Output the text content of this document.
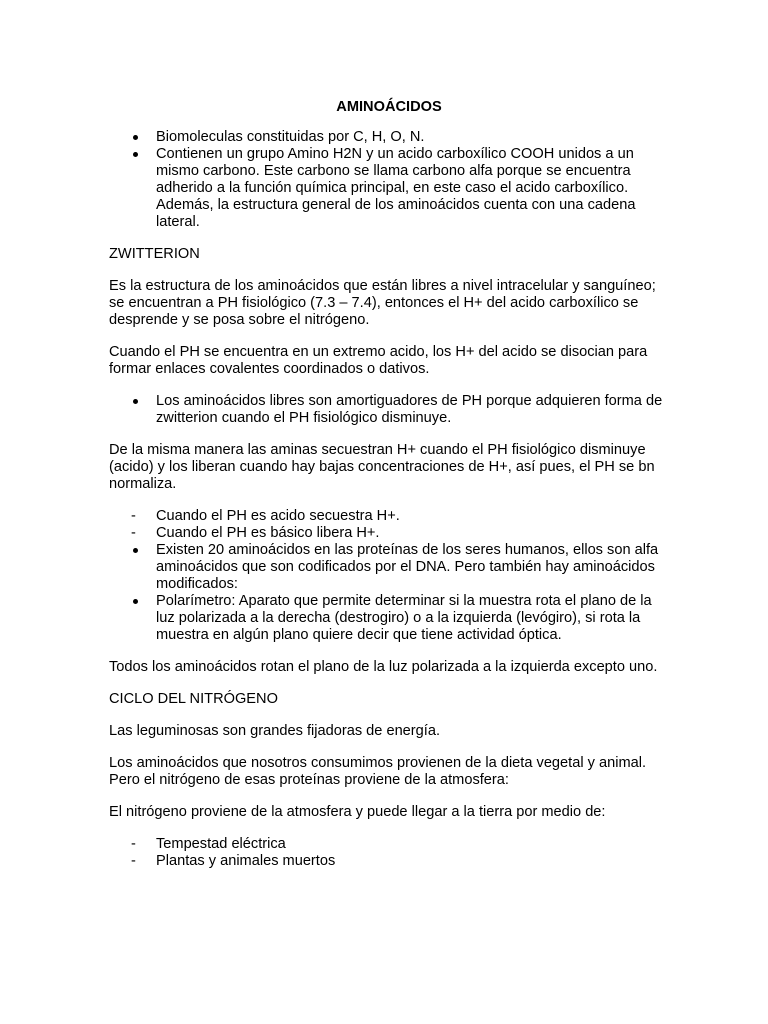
AMINOÁCIDOS
Biomoleculas constituidas por C, H, O, N.
Contienen un grupo Amino H2N y un acido carboxílico COOH unidos a un mismo carbono. Este carbono se llama carbono alfa porque se encuentra adherido a la función química principal, en este caso el acido carboxílico. Además, la estructura general de los aminoácidos cuenta con una cadena lateral.

ZWITTERION

Es la estructura de los aminoácidos que están libres a nivel intracelular y sanguíneo; se encuentran a PH fisiológico (7.3 – 7.4), entonces el H+ del acido carboxílico se desprende y se posa sobre el nitrógeno.

Cuando el PH se encuentra en un extremo acido, los H+ del acido se disocian para formar enlaces covalentes coordinados o dativos.

Los aminoácidos libres son amortiguadores de PH porque adquieren forma de zwitterion cuando el PH fisiológico disminuye.

De la misma manera las aminas secuestran H+ cuando el PH fisiológico disminuye (acido) y los liberan cuando hay bajas concentraciones de H+, así pues, el PH se bn normaliza.

-	Cuando el PH es acido secuestra H+.
-	Cuando el PH es básico libera H+.
Existen 20 aminoácidos en las proteínas de los seres humanos, ellos son alfa aminoácidos que son codificados por el DNA. Pero también hay aminoácidos modificados:
Polarímetro: Aparato que permite determinar si la muestra rota el plano de la luz polarizada a la derecha (destrogiro) o a la izquierda (levógiro), si rota la muestra en algún plano quiere decir que tiene actividad óptica.

Todos los aminoácidos rotan el plano de la luz polarizada a la izquierda excepto uno.

CICLO DEL NITRÓGENO

Las leguminosas son grandes fijadoras de energía.

Los aminoácidos que nosotros consumimos provienen de la dieta vegetal y animal. Pero el nitrógeno de esas proteínas proviene de la atmosfera:

El nitrógeno proviene de la atmosfera y puede llegar a la tierra por medio de:

-	Tempestad eléctrica
-	Plantas y animales muertos
